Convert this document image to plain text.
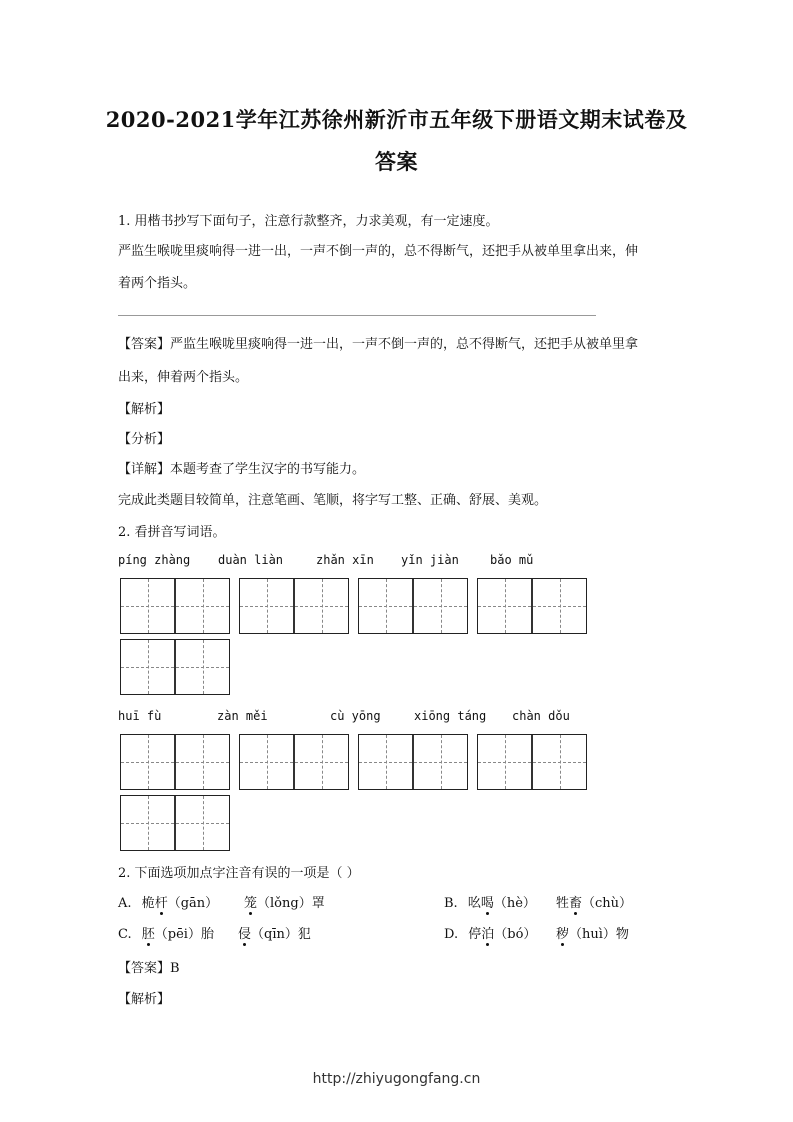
2020-2021学年江苏徐州新沂市五年级下册语文期末试卷及
答案
1. 用楷书抄写下面句子，注意行款整齐，力求美观，有一定速度。
严监生喉咙里痰响得一进一出，一声不倒一声的，总不得断气，还把手从被单里拿出来，伸
着两个指头。
【答案】严监生喉咙里痰响得一进一出，一声不倒一声的，总不得断气，还把手从被单里拿
出来，伸着两个指头。
【解析】
【分析】
【详解】本题考查了学生汉字的书写能力。
完成此类题目较简单，注意笔画、笔顺，将字写工整、正确、舒展、美观。
2. 看拼音写词语。
píng zhàng duàn liàn	zhǎn xīn yǐn jiàn	bǎo mǔ
huī fù	zàn měi	cù yōng	xiōng táng chàn dǒu
2. 下面选项加点字注音有误的一项是（ ）
A. 桅杆（gān） 笼（lǒng）罩	B. 吆喝（hè） 牲畜（chù）
C. 胚（pēi）胎 侵（qīn）犯	D. 停泊（bó） 秽（huì）物
【答案】B
【解析】
http://zhiyugongfang.cn
